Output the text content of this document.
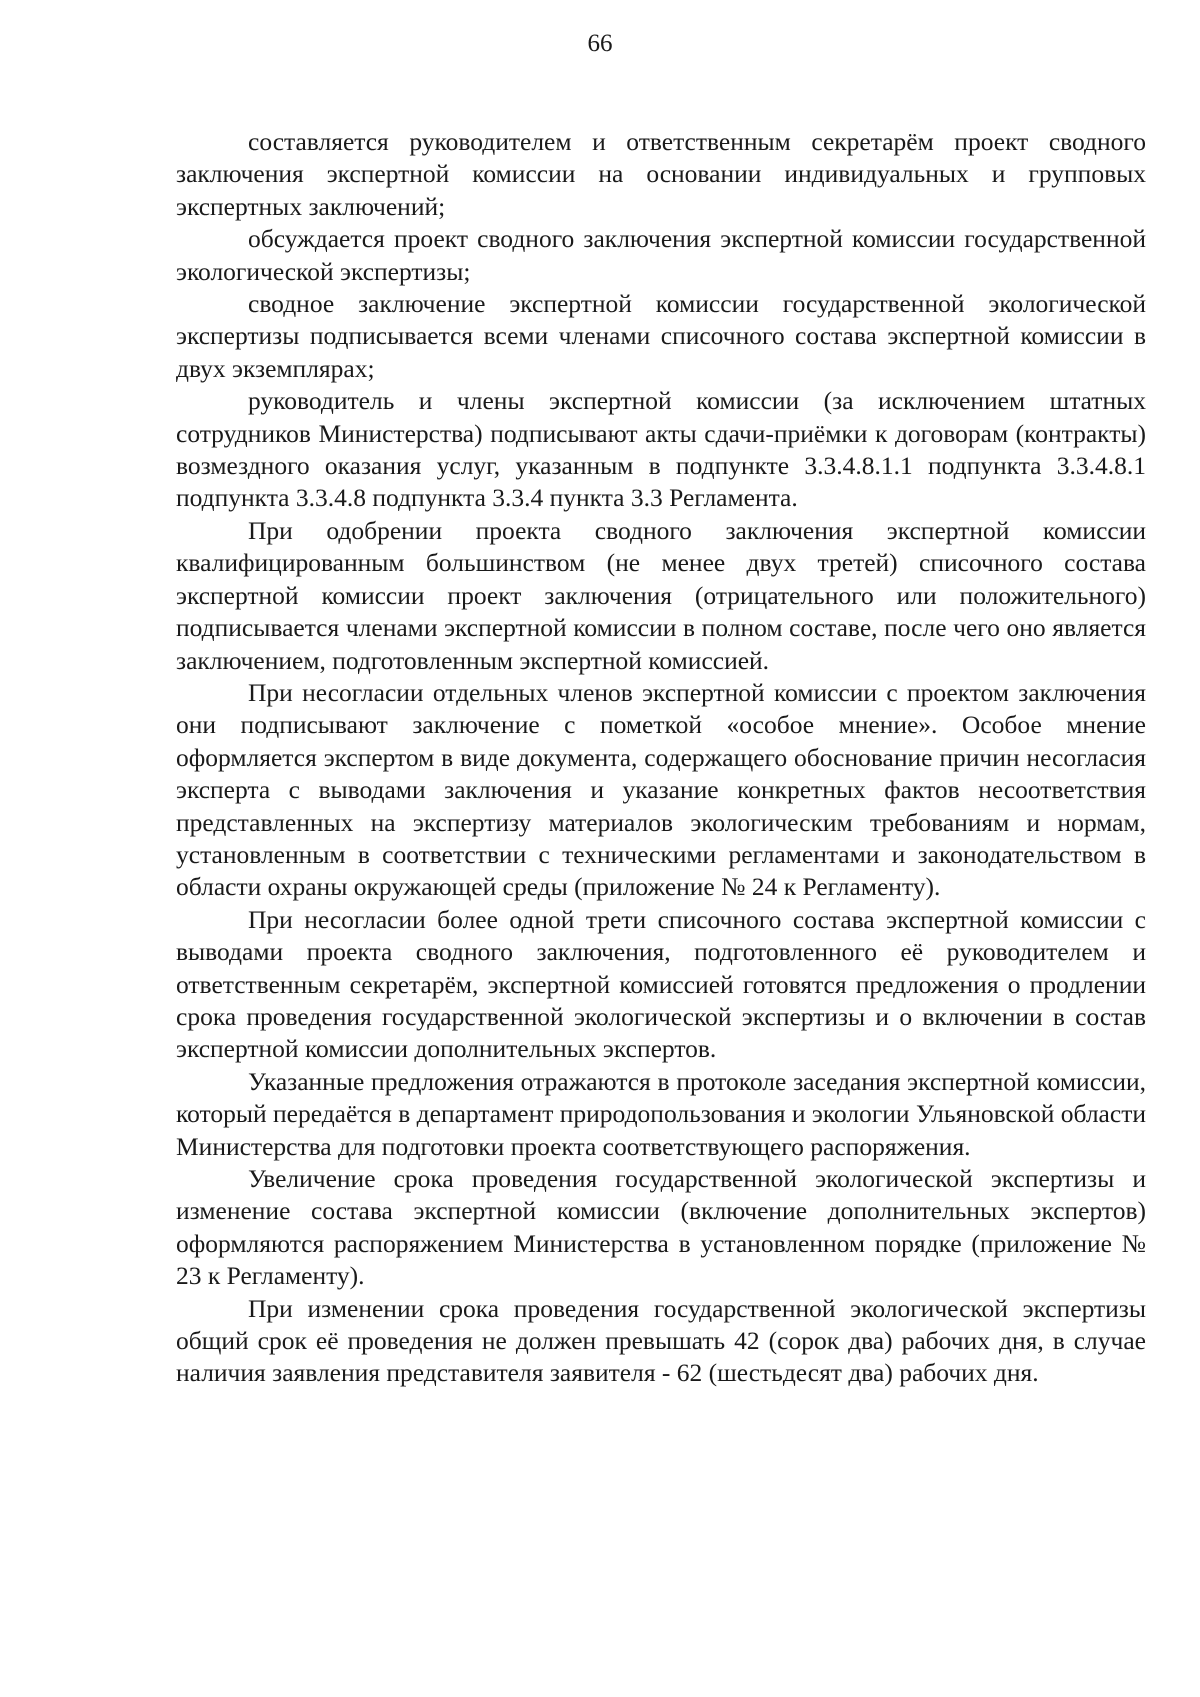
66

составляется руководителем и ответственным секретарём проект сводного заключения экспертной комиссии на основании индивидуальных и групповых экспертных заключений;

обсуждается проект сводного заключения экспертной комиссии государственной экологической экспертизы;

сводное заключение экспертной комиссии государственной экологической экспертизы подписывается всеми членами списочного состава экспертной комиссии в двух экземплярах;

руководитель и члены экспертной комиссии (за исключением штатных сотрудников Министерства) подписывают акты сдачи-приёмки к договорам (контракты) возмездного оказания услуг, указанным в подпункте 3.3.4.8.1.1 подпункта 3.3.4.8.1 подпункта 3.3.4.8 подпункта 3.3.4 пункта 3.3 Регламента.

При одобрении проекта сводного заключения экспертной комиссии квалифицированным большинством (не менее двух третей) списочного состава экспертной комиссии проект заключения (отрицательного или положительного) подписывается членами экспертной комиссии в полном составе, после чего оно является заключением, подготовленным экспертной комиссией.

При несогласии отдельных членов экспертной комиссии с проектом заключения они подписывают заключение с пометкой «особое мнение». Особое мнение оформляется экспертом в виде документа, содержащего обоснование причин несогласия эксперта с выводами заключения и указание конкретных фактов несоответствия представленных на экспертизу материалов экологическим требованиям и нормам, установленным в соответствии с техническими регламентами и законодательством в области охраны окружающей среды (приложение № 24 к Регламенту).

При несогласии более одной трети списочного состава экспертной комиссии с выводами проекта сводного заключения, подготовленного её руководителем и ответственным секретарём, экспертной комиссией готовятся предложения о продлении срока проведения государственной экологической экспертизы и о включении в состав экспертной комиссии дополнительных экспертов.

Указанные предложения отражаются в протоколе заседания экспертной комиссии, который передаётся в департамент природопользования и экологии Ульяновской области Министерства для подготовки проекта соответствующего распоряжения.

Увеличение срока проведения государственной экологической экспертизы и изменение состава экспертной комиссии (включение дополнительных экспертов) оформляются распоряжением Министерства в установленном порядке (приложение № 23 к Регламенту).

При изменении срока проведения государственной экологической экспертизы общий срок её проведения не должен превышать 42 (сорок два) рабочих дня, в случае наличия заявления представителя заявителя - 62 (шестьдесят два) рабочих дня.
